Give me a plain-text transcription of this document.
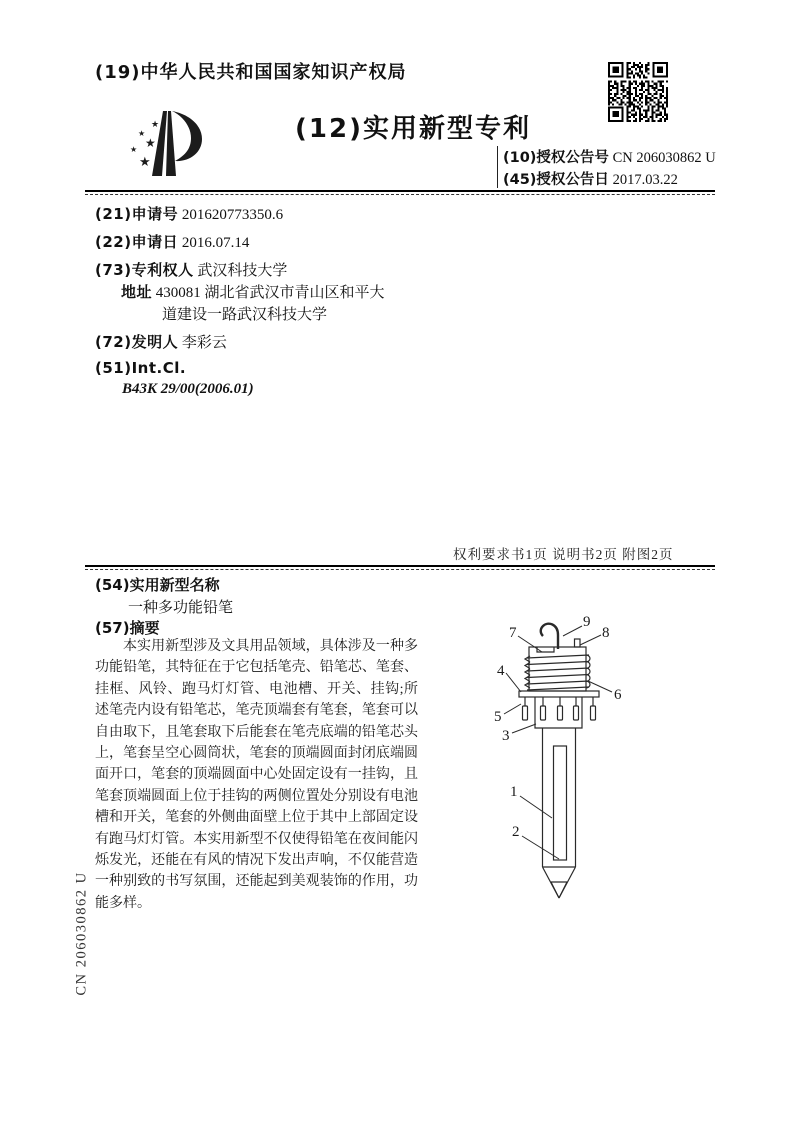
(19)中华人民共和国国家知识产权局
★
★
★
★
★
(12)实用新型专利
(10)授权公告号 CN 206030862 U
(45)授权公告日 2017.03.22
(21)申请号 201620773350.6
(22)申请日 2016.07.14
(73)专利权人 武汉科技大学
地址 430081 湖北省武汉市青山区和平大
道建设一路武汉科技大学
(72)发明人 李彩云
(51)Int.Cl.
B43K 29/00(2006.01)
权利要求书1页 说明书2页 附图2页
(54)实用新型名称
一种多功能铅笔
(57)摘要
本实用新型涉及文具用品领域，具体涉及一种多功能铅笔，其特征在于它包括笔壳、铅笔芯、笔套、挂框、风铃、跑马灯灯管、电池槽、开关、挂钩;所述笔壳内设有铅笔芯，笔壳顶端套有笔套，笔套可以自由取下，且笔套取下后能套在笔壳底端的铅笔芯头上，笔套呈空心圆筒状，笔套的顶端圆面封闭底端圆面开口，笔套的顶端圆面中心处固定设有一挂钩，且笔套顶端圆面上位于挂钩的两侧位置处分别设有电池槽和开关，笔套的外侧曲面壁上位于其中上部固定设有跑马灯灯管。本实用新型不仅使得铅笔在夜间能闪烁发光，还能在有风的情况下发出声响，不仅能营造一种别致的书写氛围，还能起到美观装饰的作用，功能多样。
1
2
3
4
5
6
7	8
9
CN 206030862 U
